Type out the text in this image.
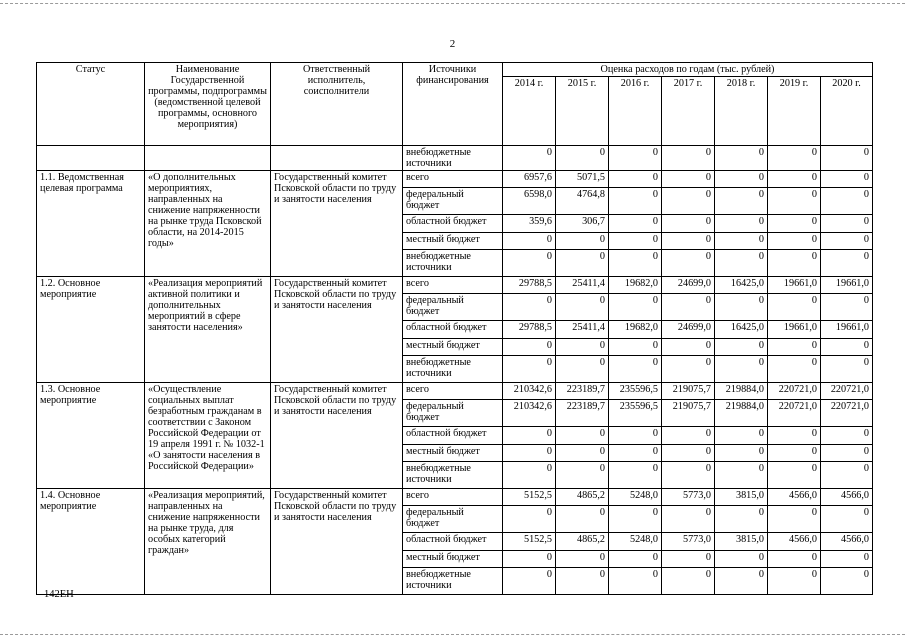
2
Статус	Наименование Государственной программы, подпрограммы (ведомственной целевой программы, основного мероприятия)	Ответственный исполнитель, соисполнители	Источники финансирования	Оценка расходов по годам (тыс. рублей)						
				2014 г.	2015 г.	2016 г.	2017 г.	2018 г.	2019 г.	2020 г.

			внебюджетные источники	0	0	0	0	0	0	0
1.1. Ведомственная целевая программа	«О дополнительных мероприятиях, направленных на снижение напряженности на рынке труда Псковской области, на 2014-2015 годы»	Государственный комитет Псковской области по труду и занятости населения	всего	6957,6	5071,5	0	0	0	0	0
			федеральный бюджет	6598,0	4764,8	0	0	0	0	0
			областной бюджет	359,6	306,7	0	0	0	0	0
			местный бюджет	0	0	0	0	0	0	0
			внебюджетные источники	0	0	0	0	0	0	0
1.2. Основное мероприятие	«Реализация мероприятий активной политики и дополнительных мероприятий в сфере занятости населения»	Государственный комитет Псковской области по труду и занятости населения	всего	29788,5	25411,4	19682,0	24699,0	16425,0	19661,0	19661,0
			федеральный бюджет	0	0	0	0	0	0	0
			областной бюджет	29788,5	25411,4	19682,0	24699,0	16425,0	19661,0	19661,0
			местный бюджет	0	0	0	0	0	0	0
			внебюджетные источники	0	0	0	0	0	0	0
1.3. Основное мероприятие	«Осуществление социальных выплат безработным гражданам в соответствии с Законом Российской Федерации от 19 апреля 1991 г. № 1032-1 «О занятости населения в Российской Федерации»	Государственный комитет Псковской области по труду и занятости населения	всего	210342,6	223189,7	235596,5	219075,7	219884,0	220721,0	220721,0
			федеральный бюджет	210342,6	223189,7	235596,5	219075,7	219884,0	220721,0	220721,0
			областной бюджет	0	0	0	0	0	0	0
			местный бюджет	0	0	0	0	0	0	0
			внебюджетные источники	0	0	0	0	0	0	0
1.4. Основное мероприятие	«Реализация мероприятий, направленных на снижение напряженности на рынке труда, для особых категорий граждан»	Государственный комитет Псковской области по труду и занятости населения	всего	5152,5	4865,2	5248,0	5773,0	3815,0	4566,0	4566,0
			федеральный бюджет	0	0	0	0	0	0	0
			областной бюджет	5152,5	4865,2	5248,0	5773,0	3815,0	4566,0	4566,0
			местный бюджет	0	0	0	0	0	0	0
			внебюджетные источники	0	0	0	0	0	0	0
142ЕН
